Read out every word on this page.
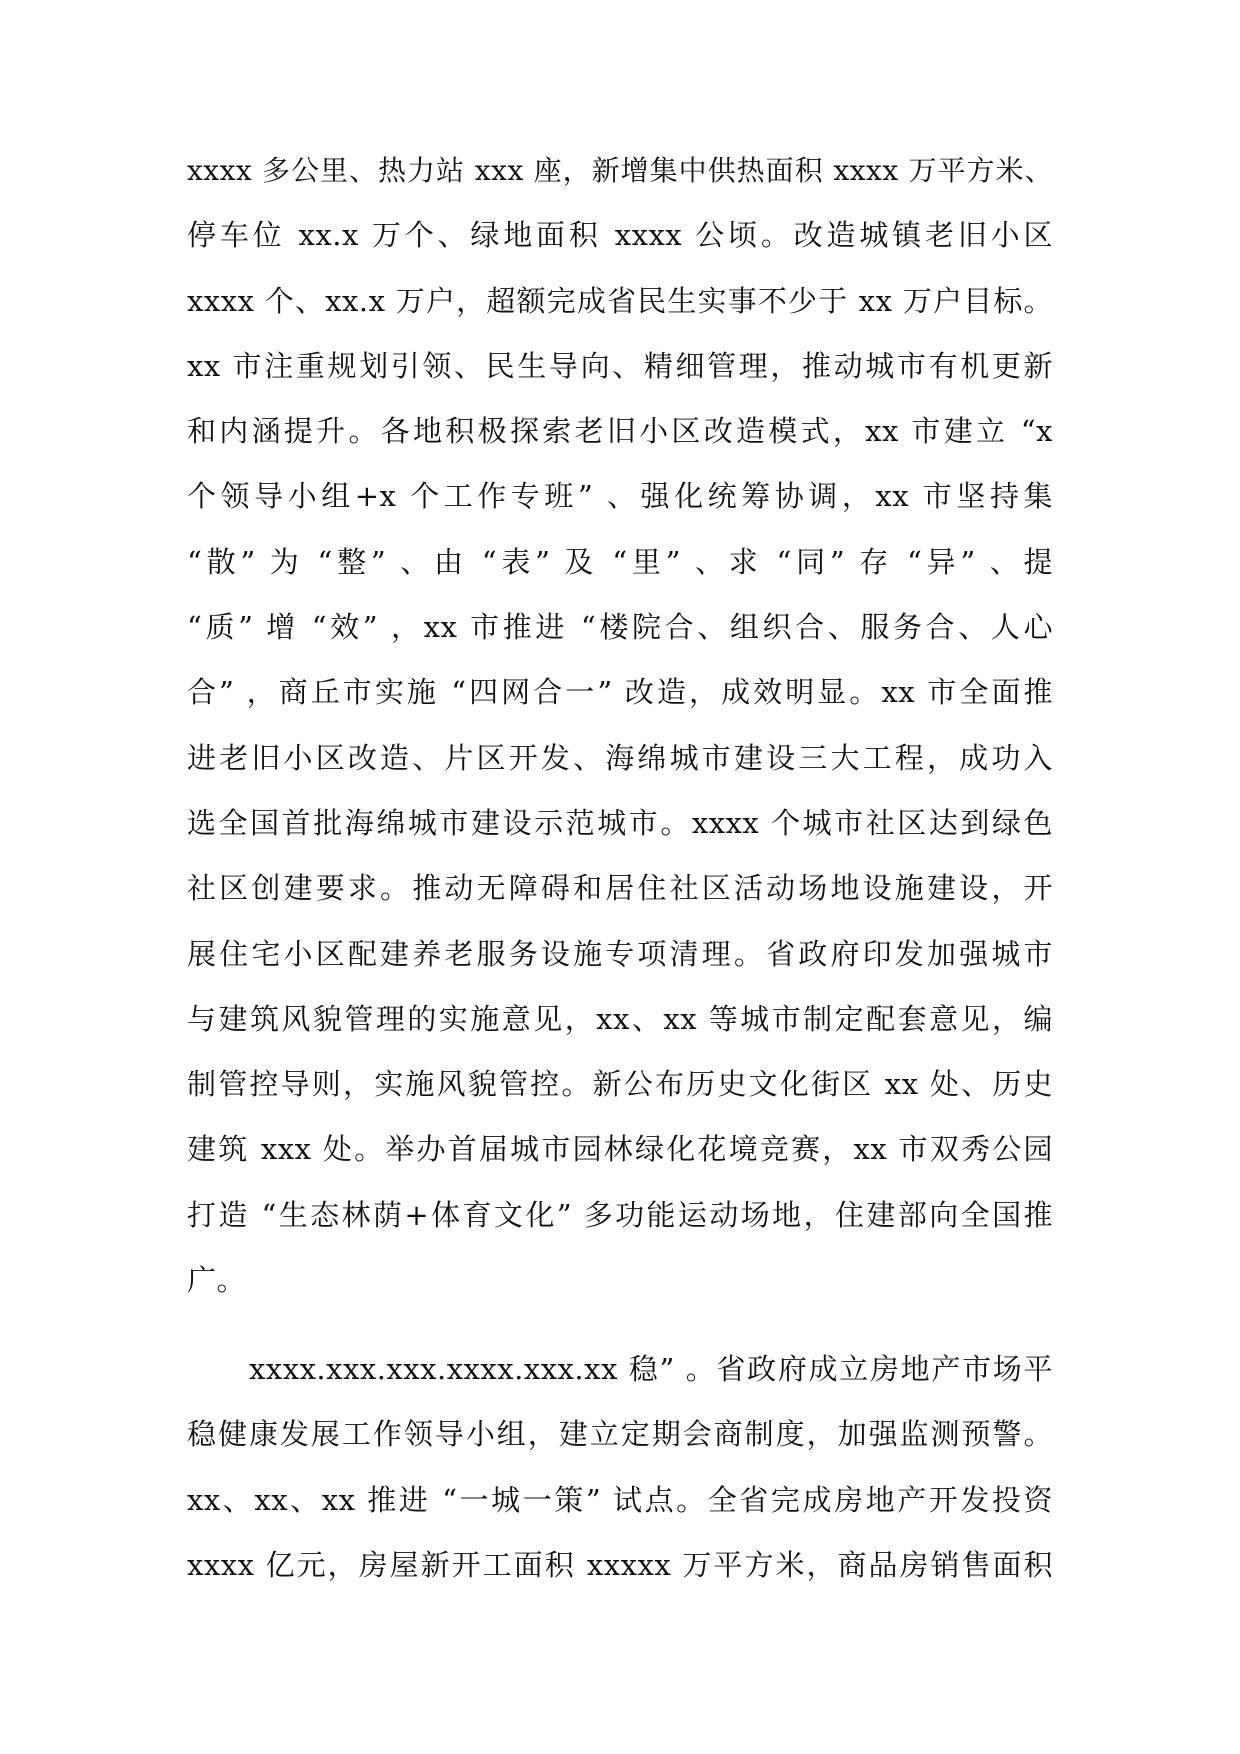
xxxx 多公里、热力站 xxx 座，新增集中供热面积 xxxx 万平方米、
停车位 xx.x 万个、绿地面积 xxxx 公顷。改造城镇老旧小区
xxxx 个、xx.x 万户，超额完成省民生实事不少于 xx 万户目标。
xx 市注重规划引领、民生导向、精细管理，推动城市有机更新
和内涵提升。各地积极探索老旧小区改造模式，xx 市建立 “x
个领导小组+x 个工作专班” 、强化统筹协调，xx 市坚持集
“散” 为 “整” 、由 “表” 及 “里” 、求 “同” 存 “异” 、提
“质” 增 “效” ，xx 市推进 “楼院合、组织合、服务合、人心
合” ，商丘市实施 “四网合一” 改造，成效明显。xx 市全面推
进老旧小区改造、片区开发、海绵城市建设三大工程，成功入
选全国首批海绵城市建设示范城市。xxxx 个城市社区达到绿色
社区创建要求。推动无障碍和居住社区活动场地设施建设，开
展住宅小区配建养老服务设施专项清理。省政府印发加强城市
与建筑风貌管理的实施意见，xx、xx 等城市制定配套意见，编
制管控导则，实施风貌管控。新公布历史文化街区 xx 处、历史
建筑 xxx 处。举办首届城市园林绿化花境竞赛，xx 市双秀公园
打造 “生态林荫+体育文化” 多功能运动场地，住建部向全国推
广。
xxxx.xxx.xxx.xxxx.xxx.xx 稳” 。省政府成立房地产市场平
稳健康发展工作领导小组，建立定期会商制度，加强监测预警。
xx、xx、xx 推进 “一城一策” 试点。全省完成房地产开发投资
xxxx 亿元，房屋新开工面积 xxxxx 万平方米，商品房销售面积
